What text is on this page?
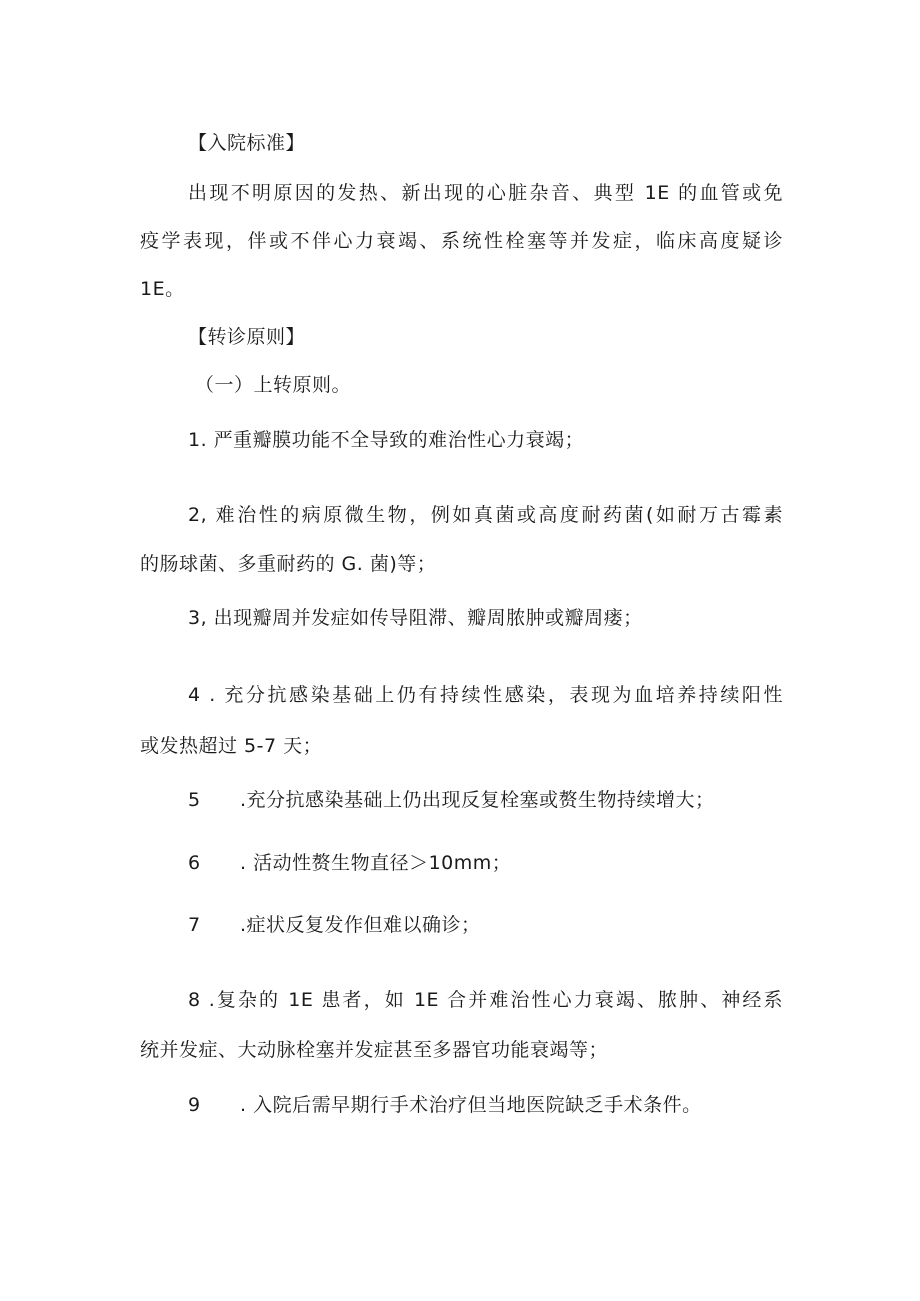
【入院标准】
出现不明原因的发热、新出现的心脏杂音、典型 1E 的血管或免
疫学表现，伴或不伴心力衰竭、系统性栓塞等并发症，临床高度疑诊
1E。
【转诊原则】
（一）上转原则。
1. 严重瓣膜功能不全导致的难治性心力衰竭；
2, 难治性的病原微生物，例如真菌或高度耐药菌(如耐万古霉素
的肠球菌、多重耐药的 G. 菌)等；
3, 出现瓣周并发症如传导阻滞、瓣周脓肿或瓣周瘘；
4 . 充分抗感染基础上仍有持续性感染，表现为血培养持续阳性
或发热超过 5-7 天；
5 .充分抗感染基础上仍出现反复栓塞或赘生物持续增大；
6 . 活动性赘生物直径＞10mm；
7 .症状反复发作但难以确诊；
8 .复杂的 1E 患者，如 1E 合并难治性心力衰竭、脓肿、神经系
统并发症、大动脉栓塞并发症甚至多器官功能衰竭等；
9 . 入院后需早期行手术治疗但当地医院缺乏手术条件。
